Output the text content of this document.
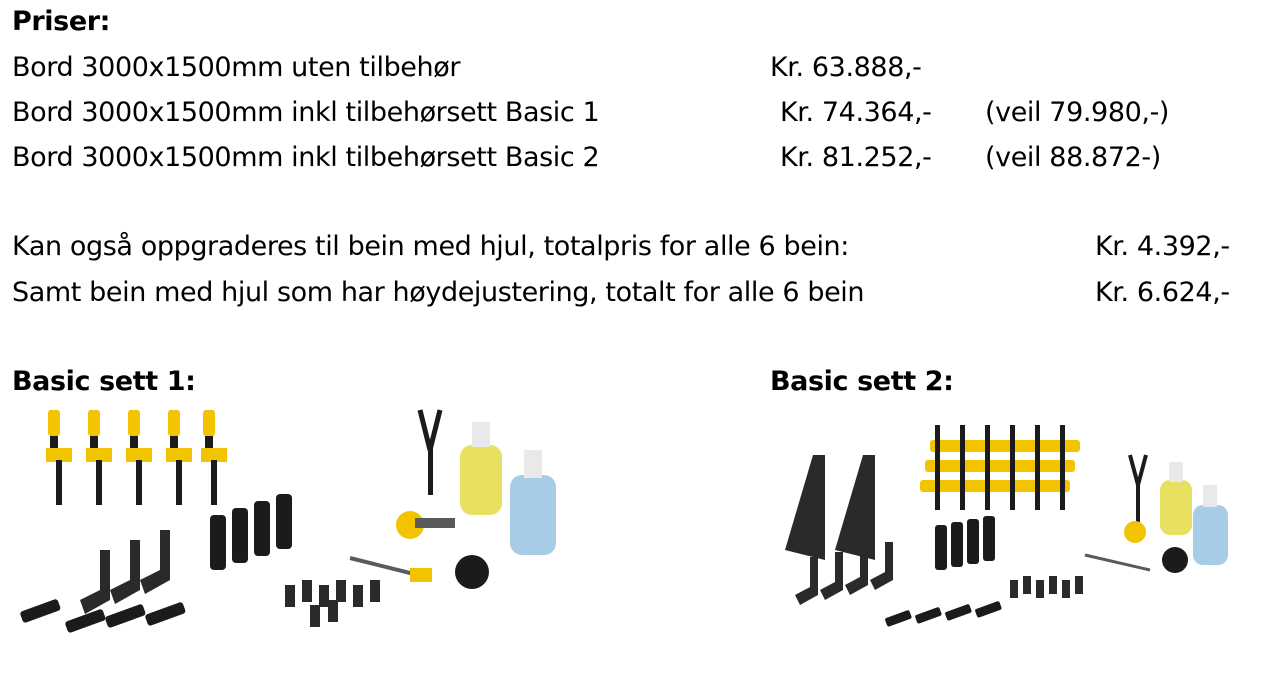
Priser:
Bord 3000x1500mm uten tilbehør	Kr. 63.888,-
Bord 3000x1500mm inkl tilbehørsett Basic 1	Kr. 74.364,- (veil 79.980,-)
Bord 3000x1500mm inkl tilbehørsett Basic 2	Kr. 81.252,- (veil 88.872-)
Kan også oppgraderes til bein med hjul, totalpris for alle 6 bein:	Kr. 4.392,-
Samt bein med hjul som har høydejustering, totalt for alle 6 bein	Kr. 6.624,-
Basic sett 1:	Basic sett 2:
